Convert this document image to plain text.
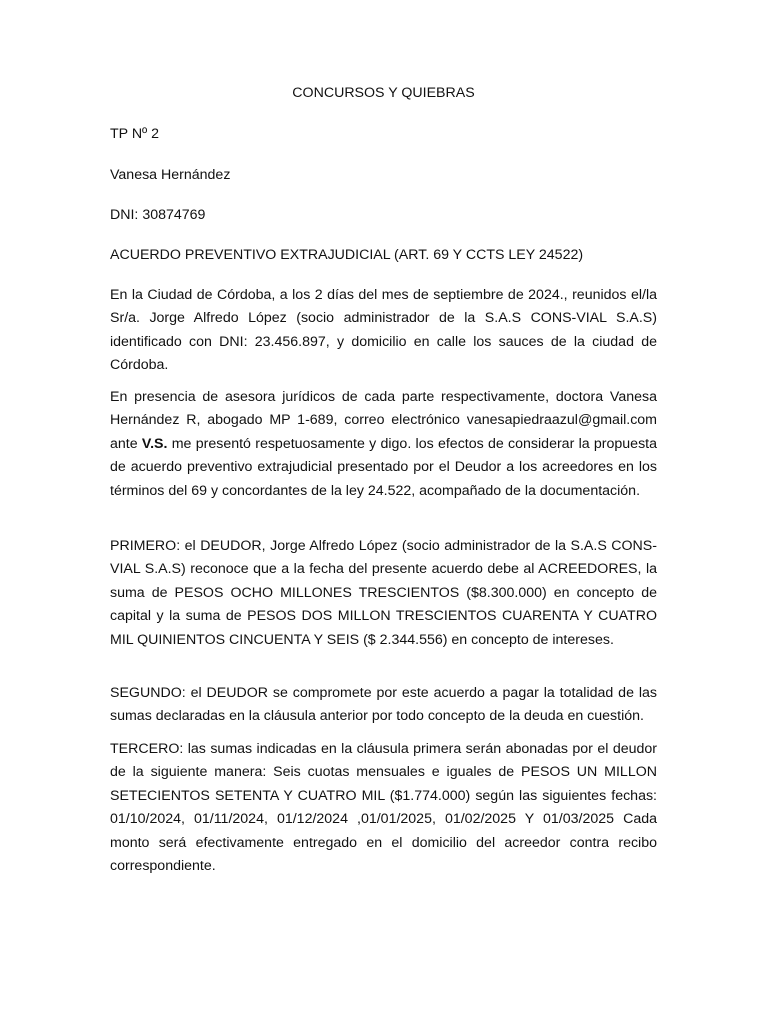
CONCURSOS Y QUIEBRAS
TP Nº 2
Vanesa Hernández
DNI: 30874769
ACUERDO PREVENTIVO EXTRAJUDICIAL (ART. 69 Y CCTS LEY 24522)
En la Ciudad de Córdoba, a los 2 días del mes de septiembre de 2024., reunidos el/la Sr/a. Jorge Alfredo López (socio administrador de la S.A.S CONS-VIAL S.A.S) identificado con DNI: 23.456.897, y domicilio en calle los sauces de la ciudad de Córdoba.
En presencia de asesora jurídicos de cada parte respectivamente, doctora Vanesa Hernández R, abogado MP 1-689, correo electrónico vanesapiedraazul@gmail.com ante V.S. me presentó respetuosamente y digo. los efectos de considerar la propuesta de acuerdo preventivo extrajudicial presentado por el Deudor a los acreedores en los términos del 69 y concordantes de la ley 24.522, acompañado de la documentación.
PRIMERO: el DEUDOR, Jorge Alfredo López (socio administrador de la S.A.S CONS-VIAL S.A.S) reconoce que a la fecha del presente acuerdo debe al ACREEDORES, la suma de PESOS OCHO MILLONES TRESCIENTOS ($8.300.000) en concepto de capital y la suma de PESOS DOS MILLON TRESCIENTOS CUARENTA Y CUATRO MIL QUINIENTOS CINCUENTA Y SEIS ($ 2.344.556) en concepto de intereses.
SEGUNDO: el DEUDOR se compromete por este acuerdo a pagar la totalidad de las sumas declaradas en la cláusula anterior por todo concepto de la deuda en cuestión.
TERCERO: las sumas indicadas en la cláusula primera serán abonadas por el deudor de la siguiente manera: Seis cuotas mensuales e iguales de PESOS UN MILLON SETECIENTOS SETENTA Y CUATRO MIL ($1.774.000) según las siguientes fechas: 01/10/2024, 01/11/2024, 01/12/2024 ,01/01/2025, 01/02/2025 Y 01/03/2025 Cada monto será efectivamente entregado en el domicilio del acreedor contra recibo correspondiente.
